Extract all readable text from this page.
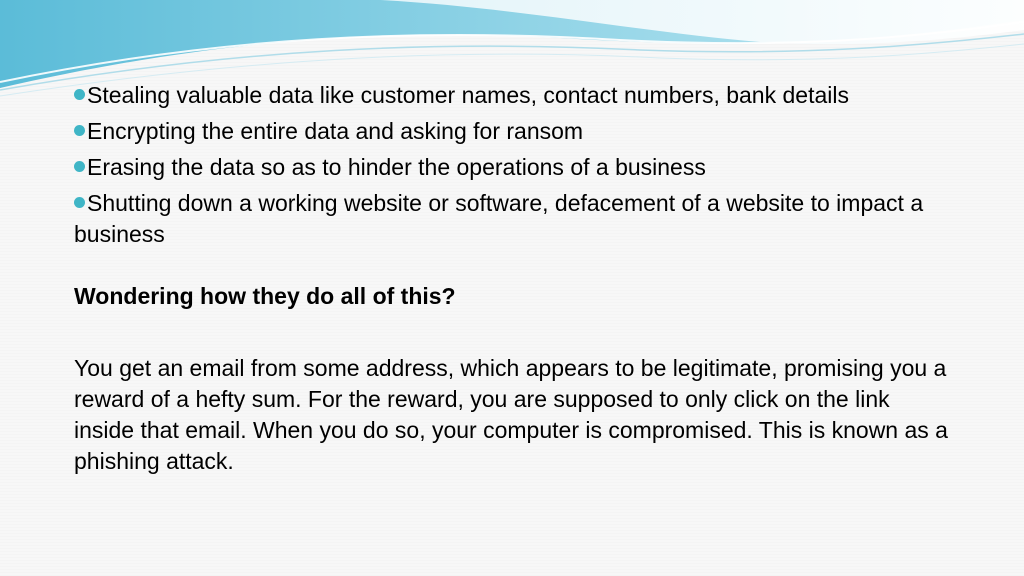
Stealing valuable data like customer names, contact numbers, bank details
Encrypting the entire data and asking for ransom
Erasing the data so as to hinder the operations of a business
Shutting down a working website or software, defacement of a website to impact a business
Wondering how they do all of this?
You get an email from some address, which appears to be legitimate, promising you a reward of a hefty sum. For the reward, you are supposed to only click on the link inside that email. When you do so, your computer is compromised. This is known as a phishing attack.
